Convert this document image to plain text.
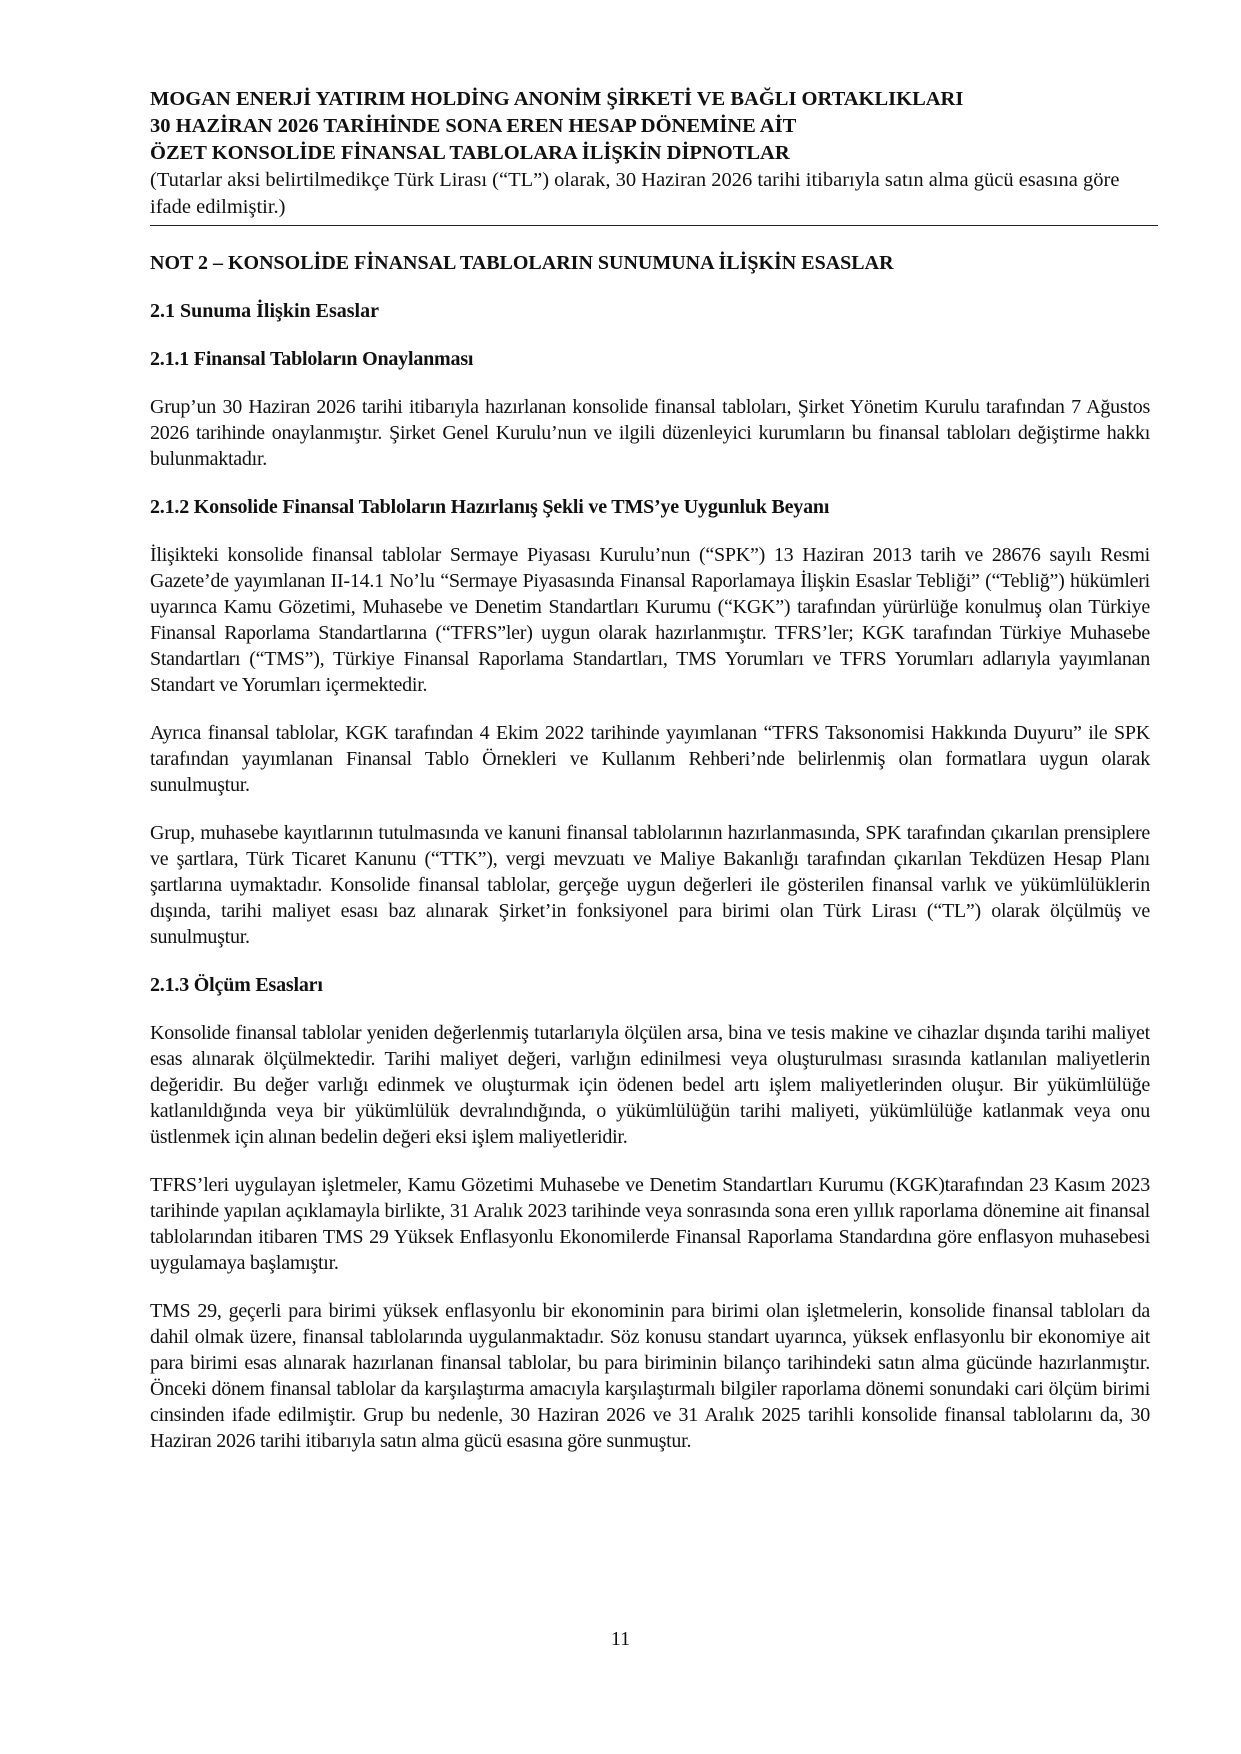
MOGAN ENERJİ YATIRIM HOLDİNG ANONİM ŞİRKETİ VE BAĞLI ORTAKLIKLARI

30 HAZİRAN 2026 TARİHİNDE SONA EREN HESAP DÖNEMİNE AİT

ÖZET KONSOLİDE FİNANSAL TABLOLARA İLİŞKİN DİPNOTLAR

(Tutarlar aksi belirtilmedikçe Türk Lirası (“TL”) olarak, 30 Haziran 2026 tarihi itibarıyla satın alma gücü esasına göre ifade edilmiştir.)

NOT 2 – KONSOLİDE FİNANSAL TABLOLARIN SUNUMUNA İLİŞKİN ESASLAR

2.1 Sunuma İlişkin Esaslar

2.1.1 Finansal Tabloların Onaylanması

Grup’un 30 Haziran 2026 tarihi itibarıyla hazırlanan konsolide finansal tabloları, Şirket Yönetim Kurulu tarafından 7 Ağustos 2026 tarihinde onaylanmıştır. Şirket Genel Kurulu’nun ve ilgili düzenleyici kurumların bu finansal tabloları değiştirme hakkı bulunmaktadır.

2.1.2 Konsolide Finansal Tabloların Hazırlanış Şekli ve TMS’ye Uygunluk Beyanı

İlişikteki konsolide finansal tablolar Sermaye Piyasası Kurulu’nun (“SPK”) 13 Haziran 2013 tarih ve 28676 sayılı Resmi Gazete’de yayımlanan II-14.1 No’lu “Sermaye Piyasasında Finansal Raporlamaya İlişkin Esaslar Tebliği” (“Tebliğ”) hükümleri uyarınca Kamu Gözetimi, Muhasebe ve Denetim Standartları Kurumu (“KGK”) tarafından yürürlüğe konulmuş olan Türkiye Finansal Raporlama Standartlarına (“TFRS”ler) uygun olarak hazırlanmıştır. TFRS’ler; KGK tarafından Türkiye Muhasebe Standartları (“TMS”), Türkiye Finansal Raporlama Standartları, TMS Yorumları ve TFRS Yorumları adlarıyla yayımlanan Standart ve Yorumları içermektedir.

Ayrıca finansal tablolar, KGK tarafından 4 Ekim 2022 tarihinde yayımlanan “TFRS Taksonomisi Hakkında Duyuru” ile SPK tarafından yayımlanan Finansal Tablo Örnekleri ve Kullanım Rehberi’nde belirlenmiş olan formatlara uygun olarak sunulmuştur.

Grup, muhasebe kayıtlarının tutulmasında ve kanuni finansal tablolarının hazırlanmasında, SPK tarafından çıkarılan prensiplere ve şartlara, Türk Ticaret Kanunu (“TTK”), vergi mevzuatı ve Maliye Bakanlığı tarafından çıkarılan Tekdüzen Hesap Planı şartlarına uymaktadır. Konsolide finansal tablolar, gerçeğe uygun değerleri ile gösterilen finansal varlık ve yükümlülüklerin dışında, tarihi maliyet esası baz alınarak Şirket’in fonksiyonel para birimi olan Türk Lirası (“TL”) olarak ölçülmüş ve sunulmuştur.

2.1.3 Ölçüm Esasları

Konsolide finansal tablolar yeniden değerlenmiş tutarlarıyla ölçülen arsa, bina ve tesis makine ve cihazlar dışında tarihi maliyet esas alınarak ölçülmektedir. Tarihi maliyet değeri, varlığın edinilmesi veya oluşturulması sırasında katlanılan maliyetlerin değeridir. Bu değer varlığı edinmek ve oluşturmak için ödenen bedel artı işlem maliyetlerinden oluşur. Bir yükümlülüğe katlanıldığında veya bir yükümlülük devralındığında, o yükümlülüğün tarihi maliyeti, yükümlülüğe katlanmak veya onu üstlenmek için alınan bedelin değeri eksi işlem maliyetleridir.

TFRS’leri uygulayan işletmeler, Kamu Gözetimi Muhasebe ve Denetim Standartları Kurumu (KGK)tarafından 23 Kasım 2023 tarihinde yapılan açıklamayla birlikte, 31 Aralık 2023 tarihinde veya sonrasında sona eren yıllık raporlama dönemine ait finansal tablolarından itibaren TMS 29 Yüksek Enflasyonlu Ekonomilerde Finansal Raporlama Standardına göre enflasyon muhasebesi uygulamaya başlamıştır.

TMS 29, geçerli para birimi yüksek enflasyonlu bir ekonominin para birimi olan işletmelerin, konsolide finansal tabloları da dahil olmak üzere, finansal tablolarında uygulanmaktadır. Söz konusu standart uyarınca, yüksek enflasyonlu bir ekonomiye ait para birimi esas alınarak hazırlanan finansal tablolar, bu para biriminin bilanço tarihindeki satın alma gücünde hazırlanmıştır. Önceki dönem finansal tablolar da karşılaştırma amacıyla karşılaştırmalı bilgiler raporlama dönemi sonundaki cari ölçüm birimi cinsinden ifade edilmiştir. Grup bu nedenle, 30 Haziran 2026 ve 31 Aralık 2025 tarihli konsolide finansal tablolarını da, 30 Haziran 2026 tarihi itibarıyla satın alma gücü esasına göre sunmuştur.

11
